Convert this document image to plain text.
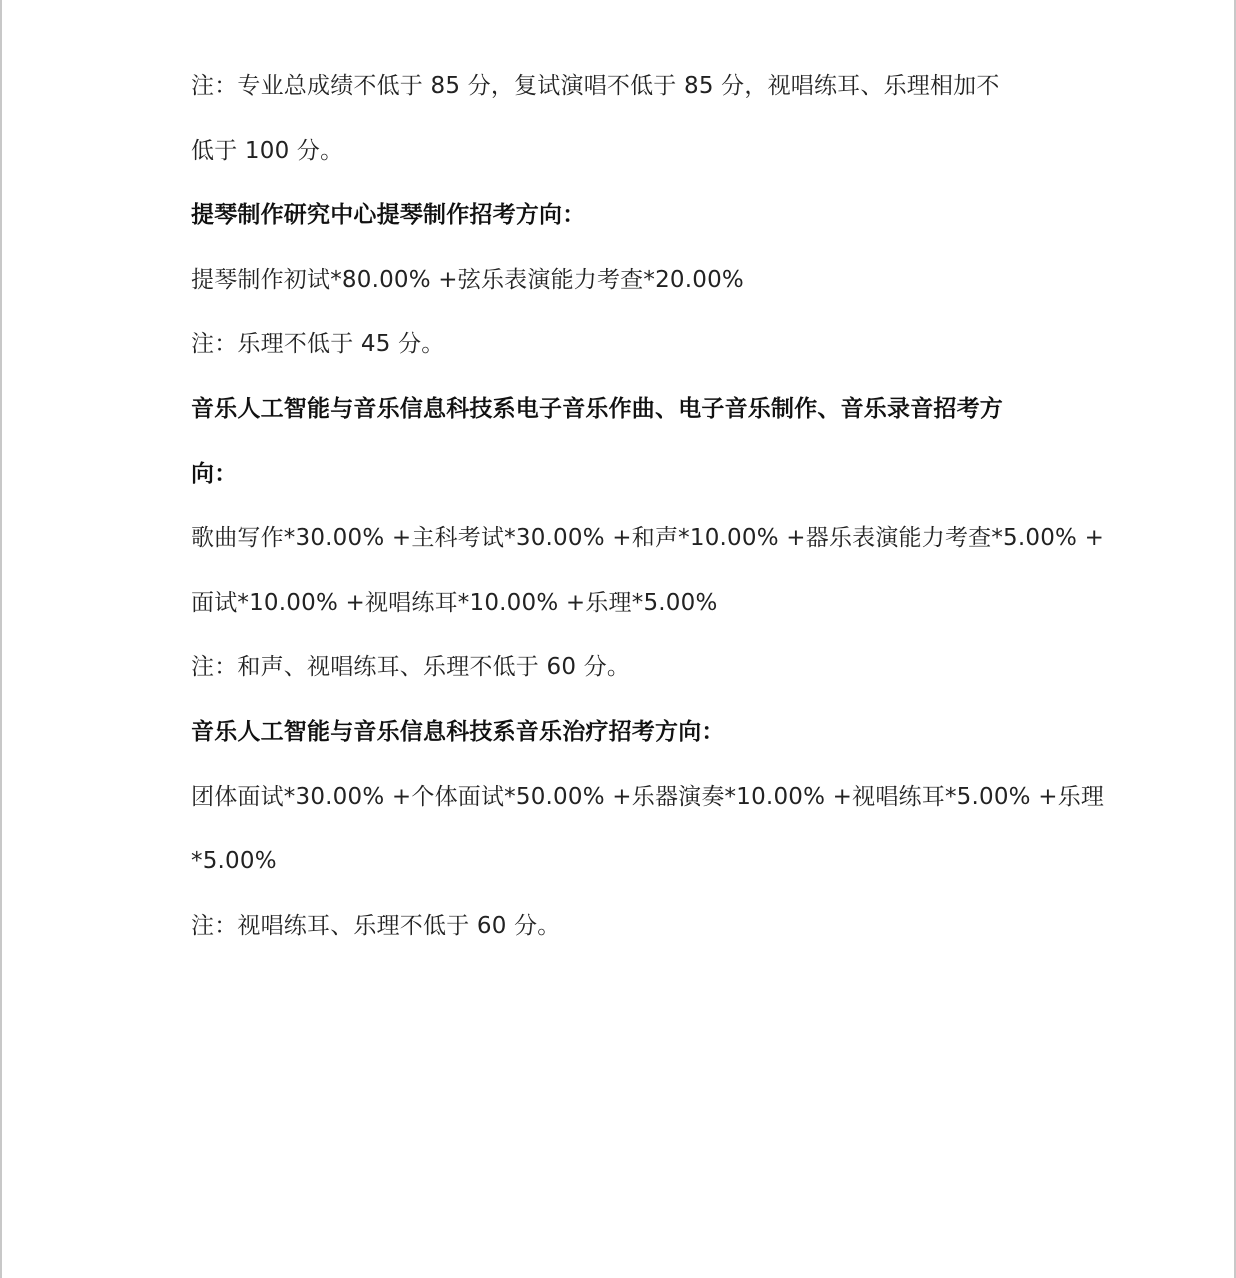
注：专业总成绩不低于 85 分，复试演唱不低于 85 分，视唱练耳、乐理相加不

低于 100 分。

提琴制作研究中心提琴制作招考方向：

提琴制作初试*80.00% +弦乐表演能力考查*20.00%

注：乐理不低于 45 分。

音乐人工智能与音乐信息科技系电子音乐作曲、电子音乐制作、音乐录音招考方

向：

歌曲写作*30.00% +主科考试*30.00% +和声*10.00% +器乐表演能力考查*5.00% +

面试*10.00% +视唱练耳*10.00% +乐理*5.00%

注：和声、视唱练耳、乐理不低于 60 分。

音乐人工智能与音乐信息科技系音乐治疗招考方向：

团体面试*30.00% +个体面试*50.00% +乐器演奏*10.00% +视唱练耳*5.00% +乐理

*5.00%

注：视唱练耳、乐理不低于 60 分。
